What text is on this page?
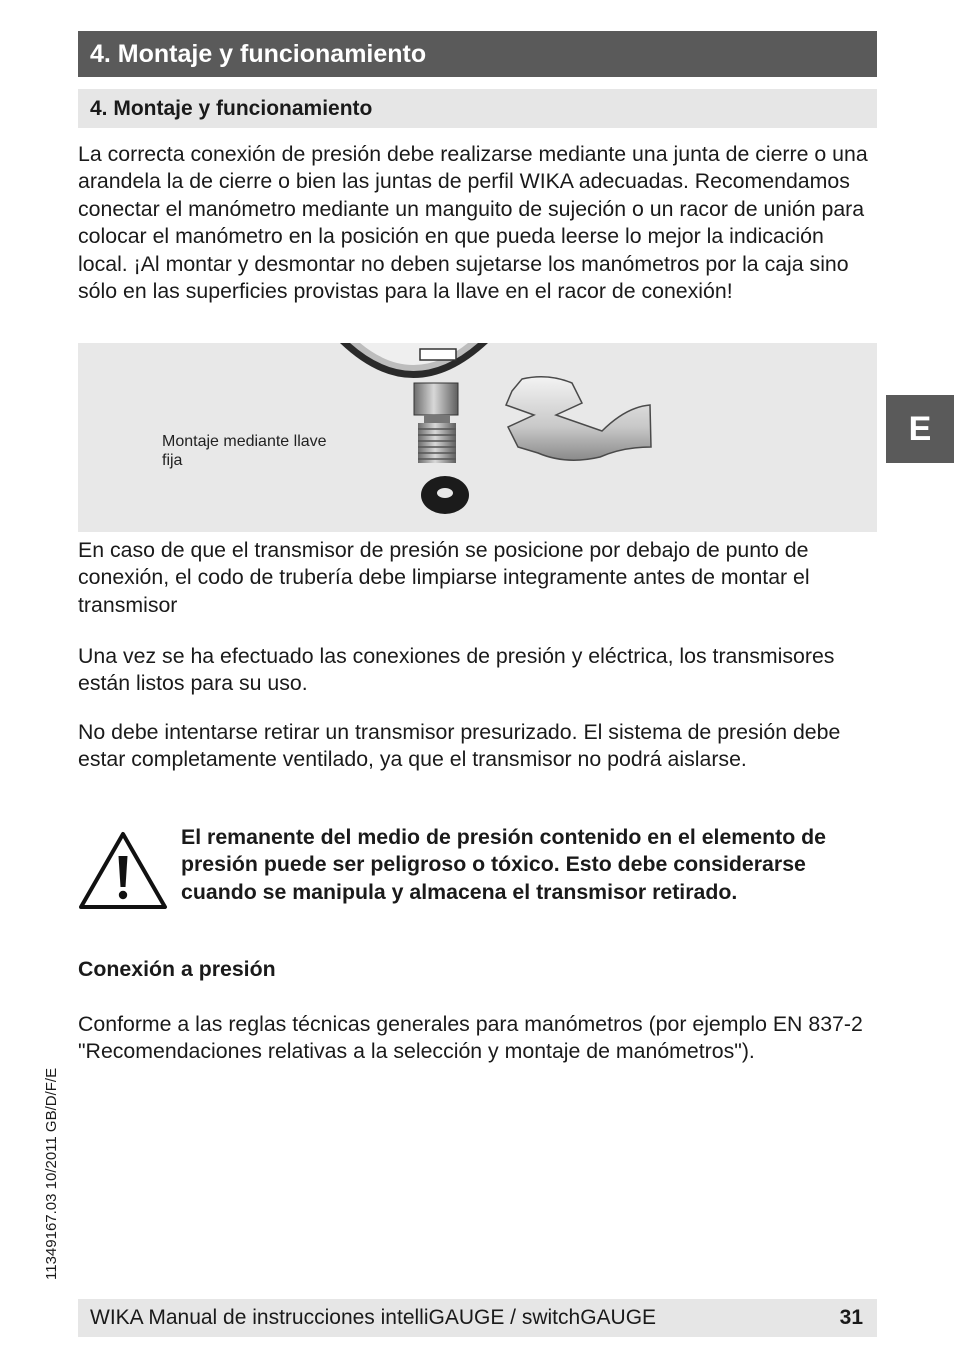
4. Montaje y funcionamiento
4. Montaje y funcionamiento

La correcta conexión de presión debe realizarse mediante una junta de cierre o una arandela la de cierre o bien las juntas de perfil WIKA adecuadas. Recomendamos conectar el manómetro mediante un manguito de sujeción o un racor de unión para colocar el manómetro en la posición en que pueda leerse lo mejor la indicación local. ¡Al montar y desmontar no deben sujetarse los manómetros por la caja sino sólo en las superficies provistas para la llave en el racor de conexión!

Montaje mediante llave fija
E

En caso de que el transmisor de presión se posicione por debajo de punto de conexión, el codo de trubería debe limpiarse integramente antes de montar el transmisor

Una vez se ha efectuado las conexiones de presión y eléctrica, los transmisores están listos para su uso.

No debe intentarse retirar un transmisor presurizado. El sistema de presión debe estar completamente ventilado, ya que el transmisor no podrá aislarse.

El remanente del medio de presión contenido en el elemento de presión puede ser peligroso o tóxico. Esto debe considerarse cuando se manipula y almacena el transmisor retirado.

Conexión a presión

Conforme a las reglas técnicas generales para manómetros (por ejemplo EN 837-2 "Recomendaciones relativas a la selección y montaje de manómetros").

11349167.03 10/2011 GB/D/F/E
WIKA Manual de instrucciones intelliGAUGE / switchGAUGE	31
